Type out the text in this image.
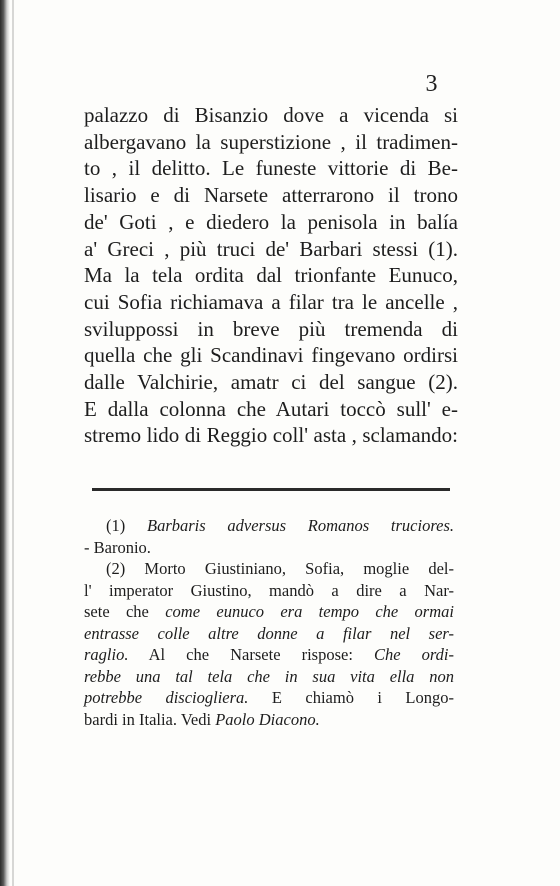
3
palazzo di Bisanzio dove a vicenda si
albergavano la superstizione , il tradimen-
to , il delitto. Le funeste vittorie di Be-
lisario e di Narsete atterrarono il trono
de' Goti , e diedero la penisola in balía
a' Greci , più truci de' Barbari stessi (1).
Ma la tela ordita dal trionfante Eunuco,
cui Sofia richiamava a filar tra le ancelle ,
sviluppossi in breve più tremenda di
quella che gli Scandinavi fingevano ordirsi
dalle Valchirie, amatr ci del sangue (2).
E dalla colonna che Autari toccò sull' e-
stremo lido di Reggio coll' asta , sclamando:
(1) Barbaris adversus Romanos truciores.
- Baronio.
(2) Morto Giustiniano, Sofia, moglie del-
l' imperator Giustino, mandò a dire a Nar-
sete che come eunuco era tempo che ormai
entrasse colle altre donne a filar nel ser-
raglio. Al che Narsete rispose: Che ordi-
rebbe una tal tela che in sua vita ella non
potrebbe disciogliera. E chiamò i Longo-
bardi in Italia. Vedi Paolo Diacono.
